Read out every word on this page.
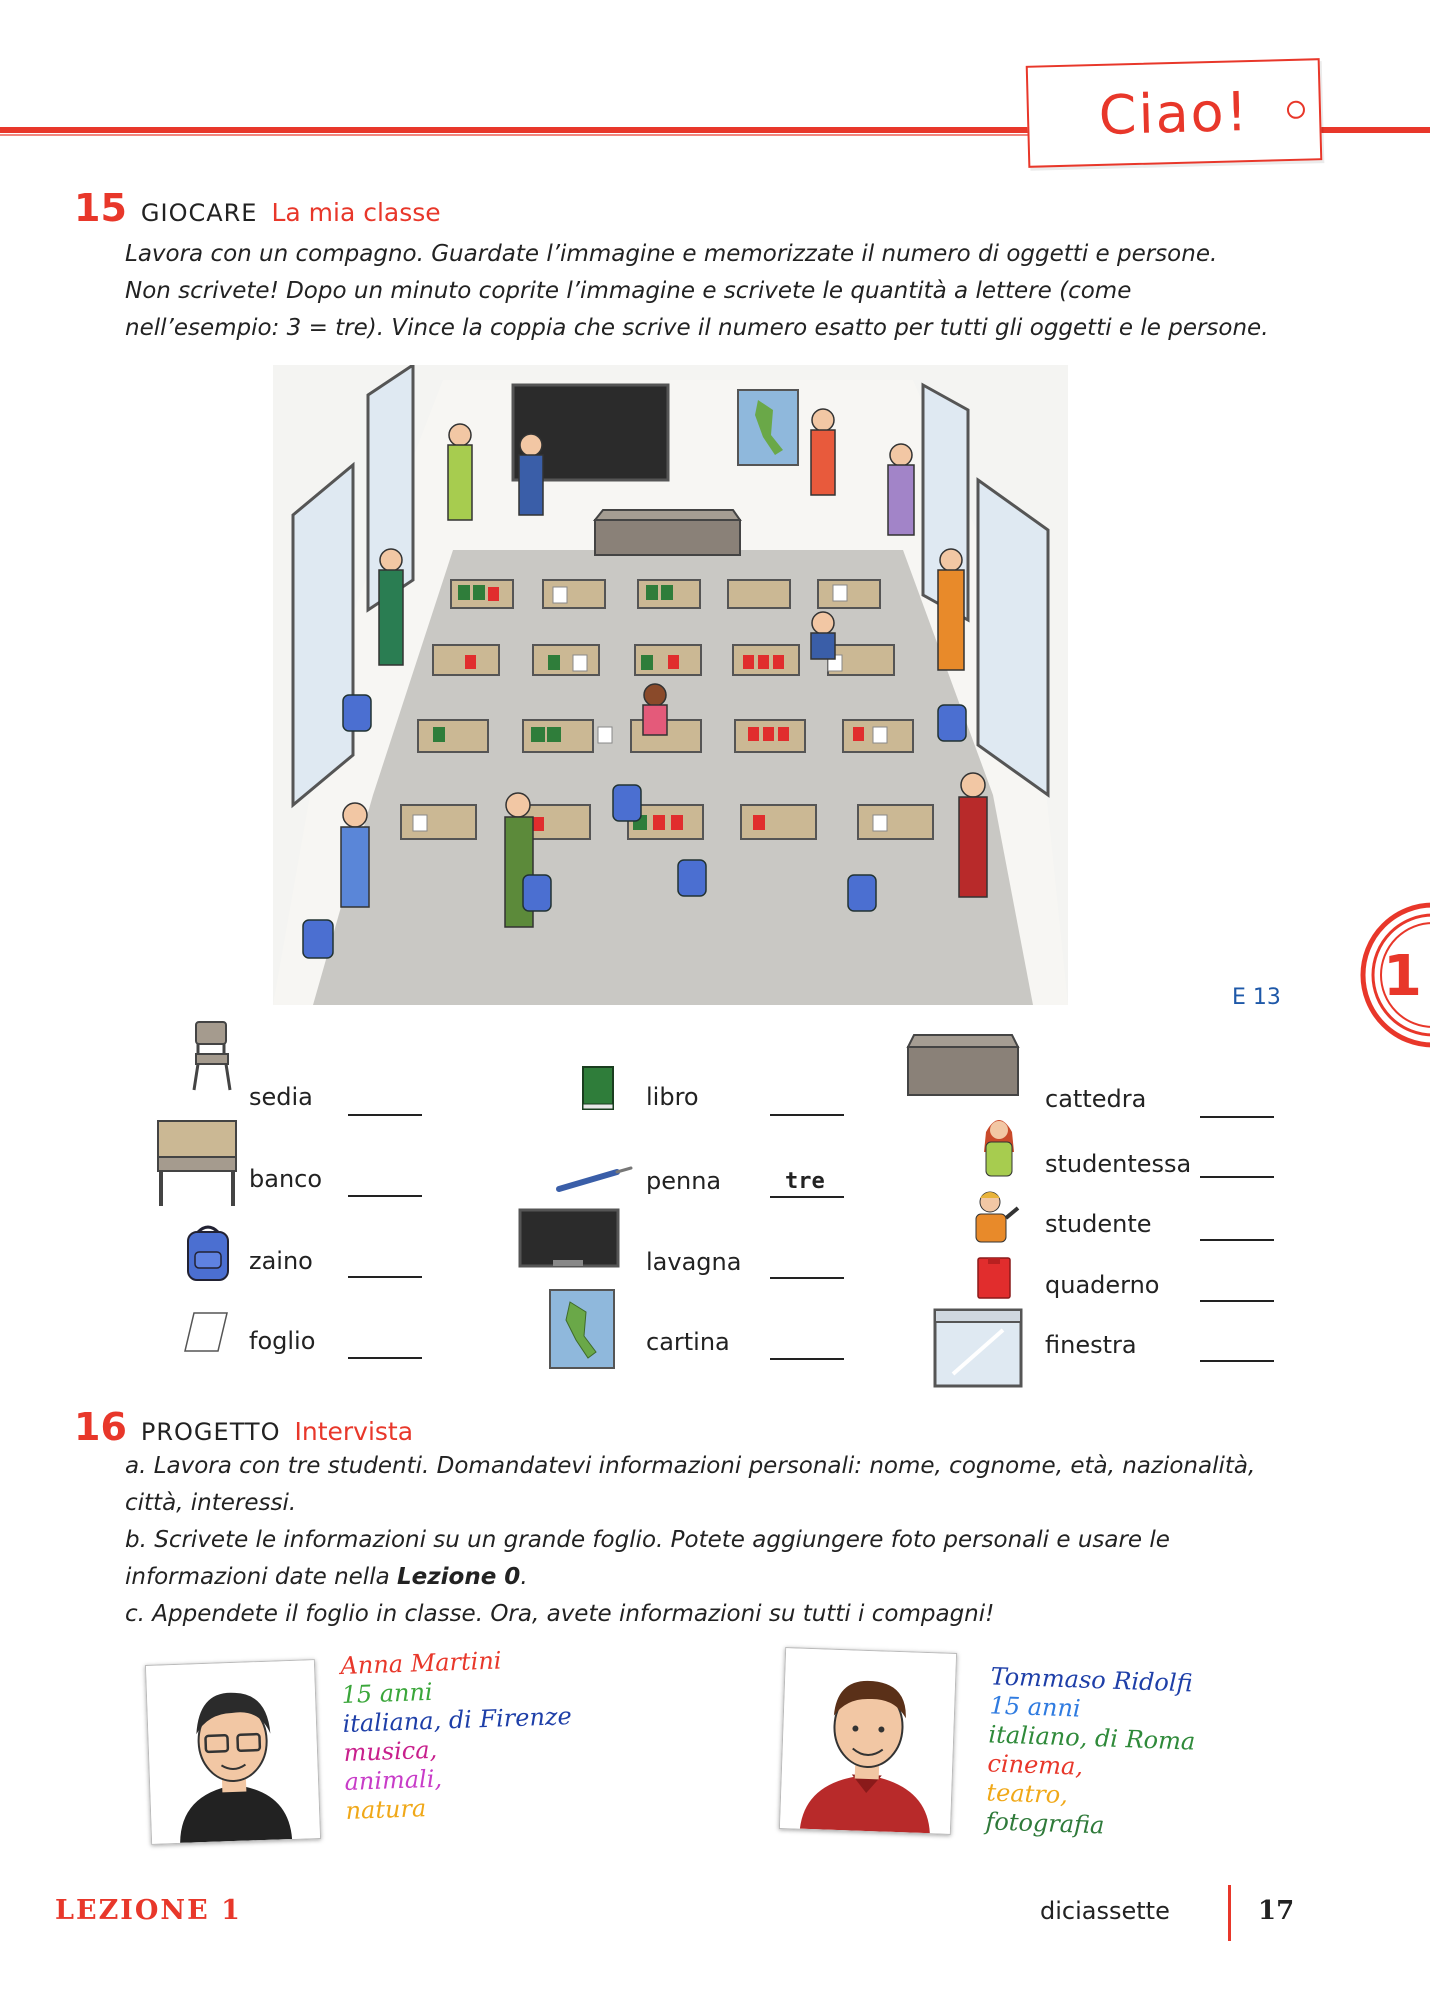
Ciao!
15 GIOCARE La mia classe

Lavora con un compagno. Guardate l’immagine e memorizzate il numero di oggetti e persone.

Non scrivete! Dopo un minuto coprite l’immagine e scrivete le quantità a lettere (come

nell’esempio: 3 = tre). Vince la coppia che scrive il numero esatto per tutti gli oggetti e le persone.

E 13
sedia
banco
zaino
foglio
libro
penna	tre
lavagna
cartina
cattedra
studentessa
studente
quaderno
finestra
1
16 PROGETTO Intervista

a. Lavora con tre studenti. Domandatevi informazioni personali: nome, cognome, età, nazionalità,

città, interessi.

b. Scrivete le informazioni su un grande foglio. Potete aggiungere foto personali e usare le

informazioni date nella Lezione 0.

c. Appendete il foglio in classe. Ora, avete informazioni su tutti i compagni!

Anna Martini
15 anni
italiana, di Firenze
musica,
animali,
natura
Tommaso Ridolfi
15 anni
italiano, di Roma
cinema,
teatro,
fotografia
LEZIONE 1	diciassette	17
